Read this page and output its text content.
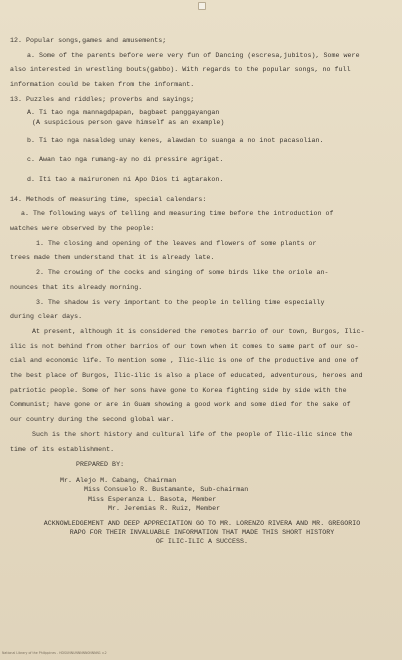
12. Popular songs,games and amusements;

a. Some of the parents before were very fun of Dancing (escresa,jubitos), Some were

also interested in wrestling bouts(gabbo). With regards to the popular songs, no full

information could be taken from the informant.

13. Puzzles and riddles; proverbs and sayings;

A. Ti tao nga mannagdpapan, bagbaet panggayangan

(A suspicious person gave himself as an example)

b. Ti tao nga nasaldeg unay kenes, alawdan to suanga a no inot pacasolian.

c. Awan tao nga rumang-ay no di pressire agrigat.

d. Iti tao a mairuronen ni Apo Dios ti agtarakon.

14. Methods of measuring time, special calendars:

a. The following ways of telling and measuring time before the introduction of

watches were observed by the people:

1. The closing and opening of the leaves and flowers of some plants or

trees made them understand that it is already late.

2. The crowing of the cocks and singing of some birds like the oriole an-

nounces that its already morning.

3. The shadow is very important to the people in telling time especially

during clear days.

At present, although it is considered the remotes barrio of our town, Burgos, Ilic-

ilic is not behind from other barrios of our town when it comes to same part of our so-

cial and economic life. To mention some , Ilic-ilic is one of the productive and one of

the best place of Burgos, Ilic-ilic is also a place of educated, adventurous, heroes and

patriotic people. Some of her sons have gone to Korea fighting side by side with the

Communist; have gone or are in Guam showing a good work and some died for the sake of

our country during the second global war.

Such is the short history and cultural life of the people of Ilic-ilic since the

time of its establishment.

PREPARED BY:

Mr. Alejo M. Cabang, Chairman

Miss Consuelo R. Bustamante, Sub-chairman

Miss Esperanza L. Basota, Member

Mr. Jeremias R. Ruiz, Member

ACKNOWLEDGEMENT AND DEEP APPRECIATION GO TO MR. LORENZO RIVERA AND MR. GREGORIO

RAPO FOR THEIR INVALUABLE INFORMATION THAT MADE THIS SHORT HISTORY

OF ILIC-ILIC A SUCCESS.

National Library of the Philippines - HDSUNNUNNNNN0NNNN1 v.2
